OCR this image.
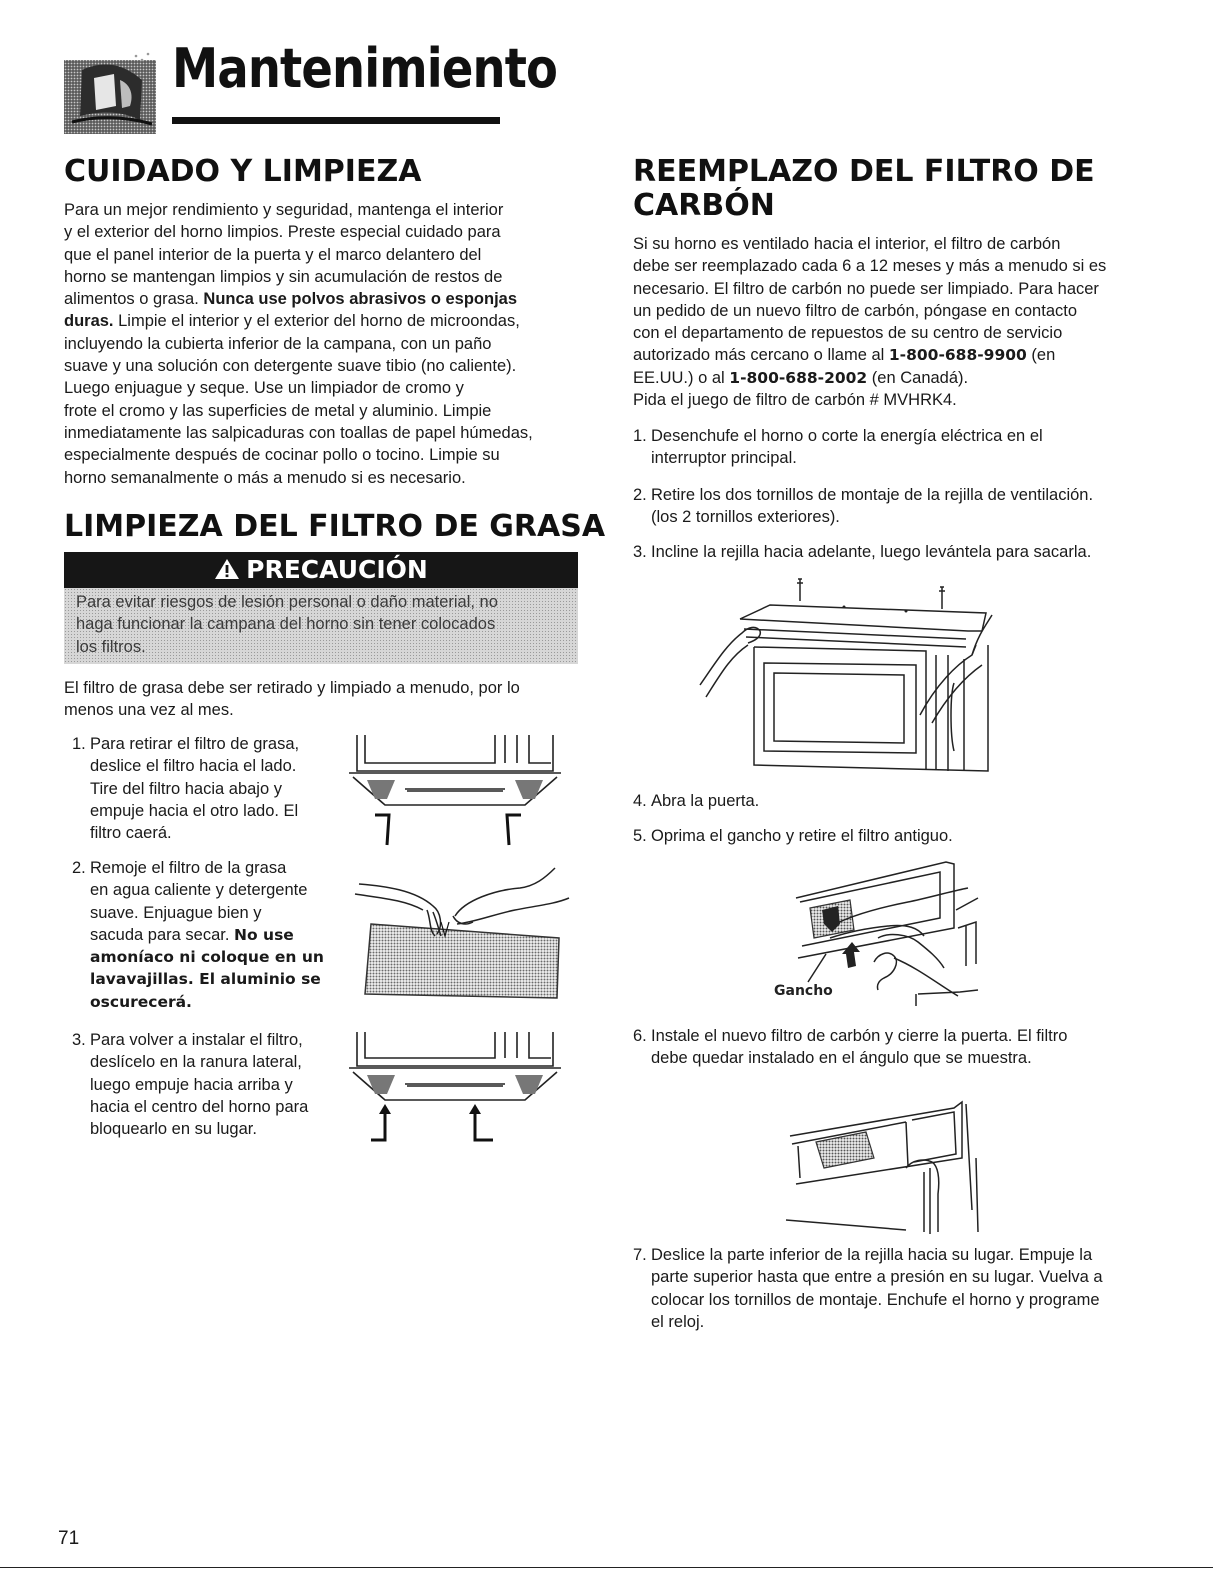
Mantenimiento
CUIDADO Y LIMPIEZA

Para un mejor rendimiento y seguridad, mantenga el interior

y el exterior del horno limpios. Preste especial cuidado para

que el panel interior de la puerta y el marco delantero del

horno se mantengan limpios y sin acumulación de restos de

alimentos o grasa. Nunca use polvos abrasivos o esponjas

duras. Limpie el interior y el exterior del horno de microondas,

incluyendo la cubierta inferior de la campana, con un paño

suave y una solución con detergente suave tibio (no caliente).

Luego enjuague y seque. Use un limpiador de cromo y

frote el cromo y las superficies de metal y aluminio. Limpie

inmediatamente las salpicaduras con toallas de papel húmedas,

especialmente después de cocinar pollo o tocino. Limpie su

horno semanalmente o más a menudo si es necesario.

LIMPIEZA DEL FILTRO DE GRASA
PRECAUCIÓN

Para evitar riesgos de lesión personal o daño material, no

haga funcionar la campana del horno sin tener colocados

los filtros.

El filtro de grasa debe ser retirado y limpiado a menudo, por lo

menos una vez al mes.

1. Para retirar el filtro de grasa,

deslice el filtro hacia el lado.

Tire del filtro hacia abajo y

empuje hacia el otro lado. El

filtro caerá.

2. Remoje el filtro de la grasa

en agua caliente y detergente

suave. Enjuague bien y

sacuda para secar. No use

amoníaco ni coloque en un

lavavajillas. El aluminio se

oscurecerá.

3. Para volver a instalar el filtro,

deslícelo en la ranura lateral,

luego empuje hacia arriba y

hacia el centro del horno para

bloquearlo en su lugar.

REEMPLAZO DEL FILTRO DE
CARBÓN

Si su horno es ventilado hacia el interior, el filtro de carbón

debe ser reemplazado cada 6 a 12 meses y más a menudo si es

necesario. El filtro de carbón no puede ser limpiado. Para hacer

un pedido de un nuevo filtro de carbón, póngase en contacto

con el departamento de repuestos de su centro de servicio

autorizado más cercano o llame al 1-800-688-9900 (en

EE.UU.) o al 1-800-688-2002 (en Canadá).

Pida el juego de filtro de carbón # MVHRK4.

1. Desenchufe el horno o corte la energía eléctrica en el

interruptor principal.

2. Retire los dos tornillos de montaje de la rejilla de ventilación.

(los 2 tornillos exteriores).

3. Incline la rejilla hacia adelante, luego levántela para sacarla.

4. Abra la puerta.

5. Oprima el gancho y retire el filtro antiguo.

Gancho
6. Instale el nuevo filtro de carbón y cierre la puerta. El filtro

debe quedar instalado en el ángulo que se muestra.

7. Deslice la parte inferior de la rejilla hacia su lugar. Empuje la

parte superior hasta que entre a presión en su lugar. Vuelva a

colocar los tornillos de montaje. Enchufe el horno y programe

el reloj.

71
